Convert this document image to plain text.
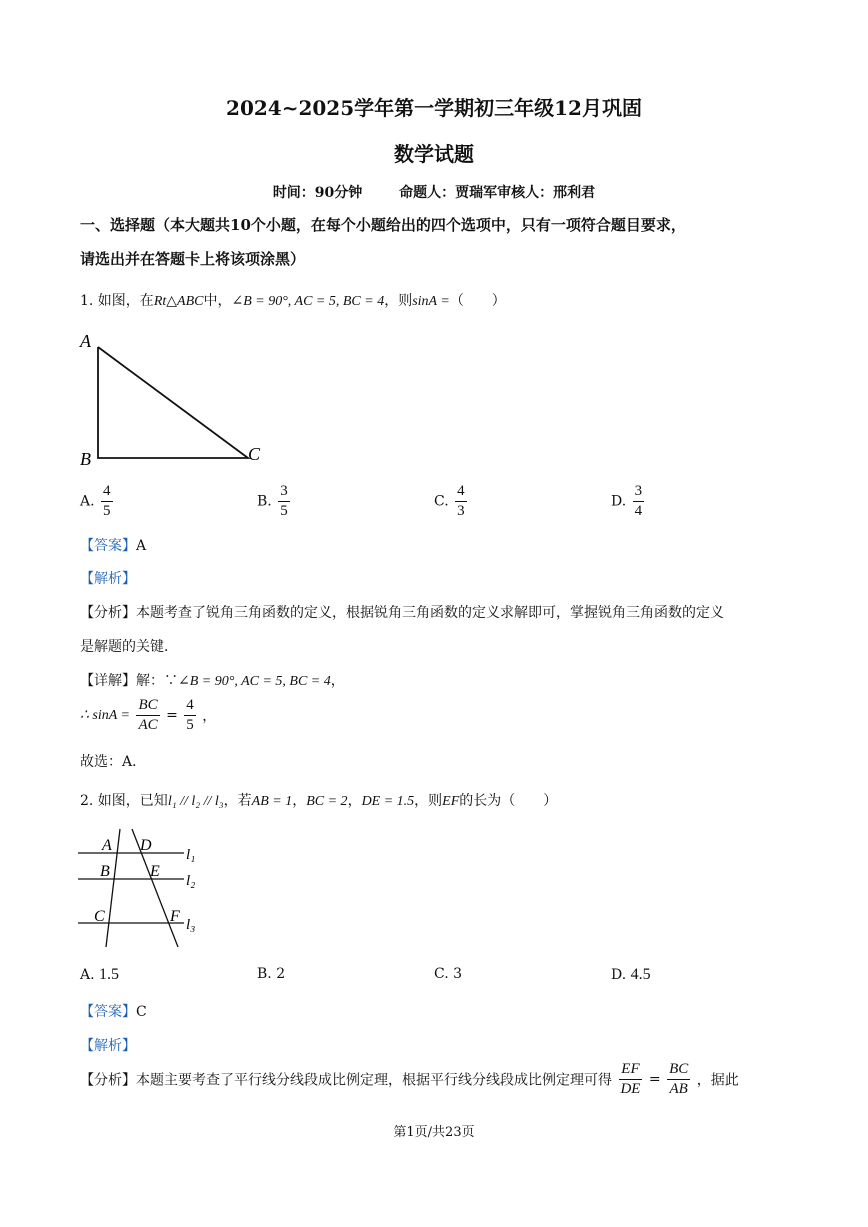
2024~2025学年第一学期初三年级12月巩固
数学试题
时间：90分钟	命题人：贾瑞军审核人：邢利君
一、选择题（本大题共10个小题，在每个小题给出的四个选项中，只有一项符合题目要求，
请选出并在答题卡上将该项涂黑）
1. 如图，在Rt△ABC中，∠B = 90°, AC = 5, BC = 4，则sinA =（　　）
A
B	C
A. $\frac{4}{5}$	B. $\frac{3}{5}$	C. $\frac{4}{3}$	D. $\frac{3}{4}$
【答案】A
【解析】
【分析】本题考查了锐角三角函数的定义，根据锐角三角函数的定义求解即可，掌握锐角三角函数的定义
是解题的关键．
【详解】解：∵∠B = 90°, AC = 5, BC = 4，
∴ $\sin A = \frac{BC}{AC} = \frac{4}{5}$ ，
故选：A．
2. 如图，已知l₁ // l₂ // l₃，若AB = 1，BC = 2，DE = 1.5，则EF的长为（　　）
A D
B	E
C	F
l₁
l₂
l₃
A. 1.5	B. 2	C. 3	D. 4.5
【答案】C
【解析】
【分析】本题主要考查了平行线分线段成比例定理，根据平行线分线段成比例定理可得 $\frac{EF}{DE} = \frac{BC}{AB}$ ，据此
第1页/共23页
